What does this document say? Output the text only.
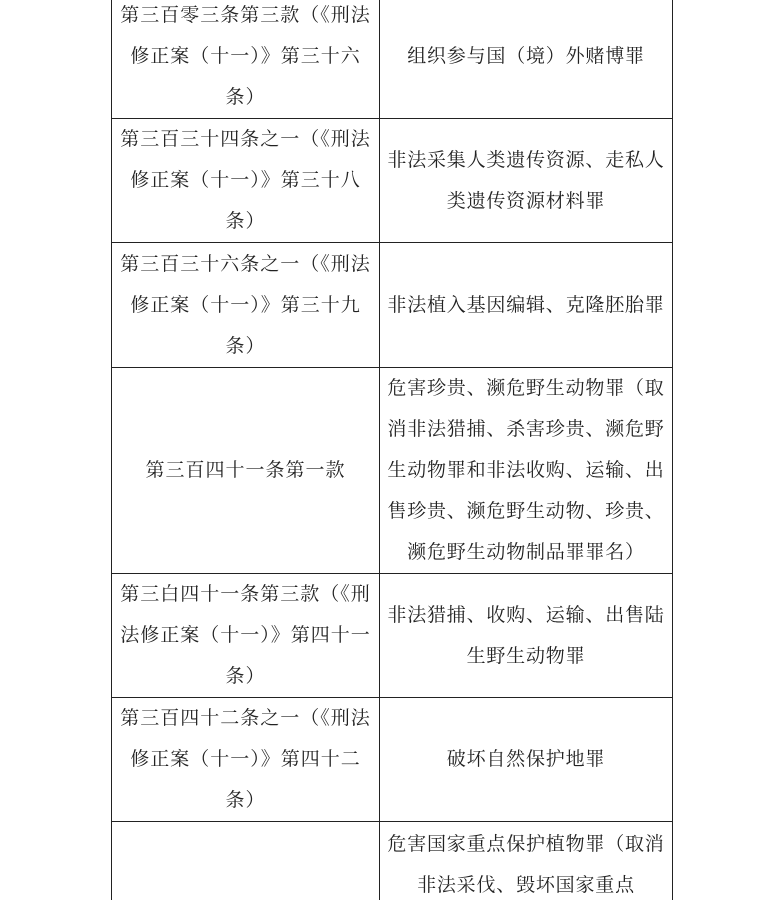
第三百零三条第三款（《刑法修正案（十一）》第三十六条）	组织参与国（境）外赌博罪
第三百三十四条之一（《刑法修正案（十一）》第三十八条）	非法采集人类遗传资源、走私人类遗传资源材料罪
第三百三十六条之一（《刑法修正案（十一）》第三十九条）	非法植入基因编辑、克隆胚胎罪
第三百四十一条第一款	危害珍贵、濒危野生动物罪（取消非法猎捕、杀害珍贵、濒危野生动物罪和非法收购、运输、出售珍贵、濒危野生动物、珍贵、濒危野生动物制品罪罪名）
第三白四十一条第三款（《刑法修正案（十一）》第四十一条）	非法猎捕、收购、运输、出售陆生野生动物罪
第三百四十二条之一（《刑法修正案（十一）》第四十二条）	破坏自然保护地罪
	危害国家重点保护植物罪（取消非法采伐、毁坏国家重点
